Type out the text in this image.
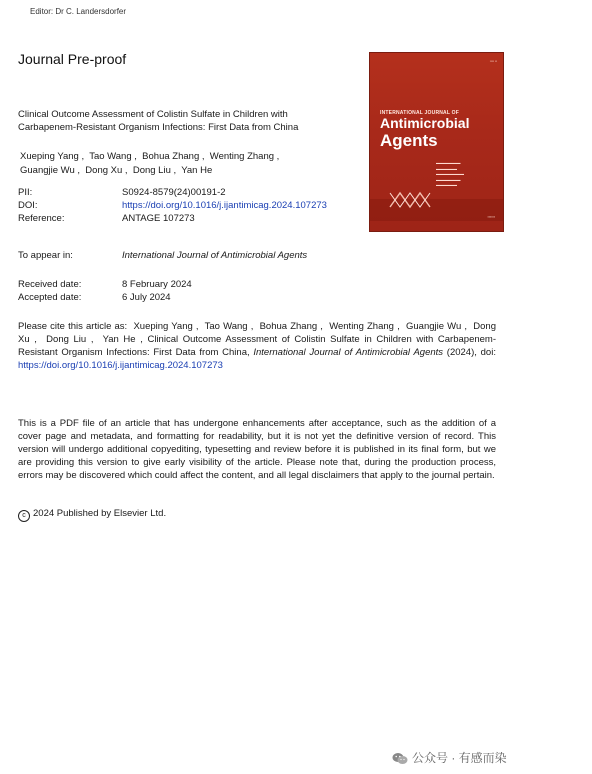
Editor: Dr C. Landersdorfer
Journal Pre-proof
Clinical Outcome Assessment of Colistin Sulfate in Children with
Carbapenem-Resistant Organism Infections: First Data from China
Xueping Yang ,  Tao Wang ,  Bohua Zhang ,  Wenting Zhang ,
Guangjie Wu ,  Dong Xu ,  Dong Liu ,  Yan He
PII:	S0924-8579(24)00191-2
DOI:	https://doi.org/10.1016/j.ijantimicag.2024.107273
Reference:	ANTAGE 107273
To appear in:	International Journal of Antimicrobial Agents
Received date:	8 February 2024
Accepted date:	6 July 2024
Please cite this article as:  Xueping Yang ,  Tao Wang ,  Bohua Zhang ,  Wenting Zhang ,  Guangjie Wu ,  Dong Xu ,  Dong Liu ,  Yan He , Clinical Outcome Assessment of Colistin Sulfate in Children with Carbapenem-Resistant Organism Infections: First Data from China, International Journal of Antimicrobial Agents (2024), doi: https://doi.org/10.1016/j.ijantimicag.2024.107273
This is a PDF file of an article that has undergone enhancements after acceptance, such as the addition of a cover page and metadata, and formatting for readability, but it is not yet the definitive version of record. This version will undergo additional copyediting, typesetting and review before it is published in its final form, but we are providing this version to give early visibility of the article. Please note that, during the production process, errors may be discovered which could affect the content, and all legal disclaimers that apply to the journal pertain.
c 2024 Published by Elsevier Ltd.
▪▪▪▪ ▪▪
INTERNATIONAL JOURNAL OF
Antimicrobial
Agents
▬▬▬▬▬▬▬
▬▬▬▬▬▬
▬▬▬▬▬▬▬▬
▬▬▬▬▬▬▬
▬▬▬▬▬▬
▪▪▪▪▪▪
公众号 · 有感而染
